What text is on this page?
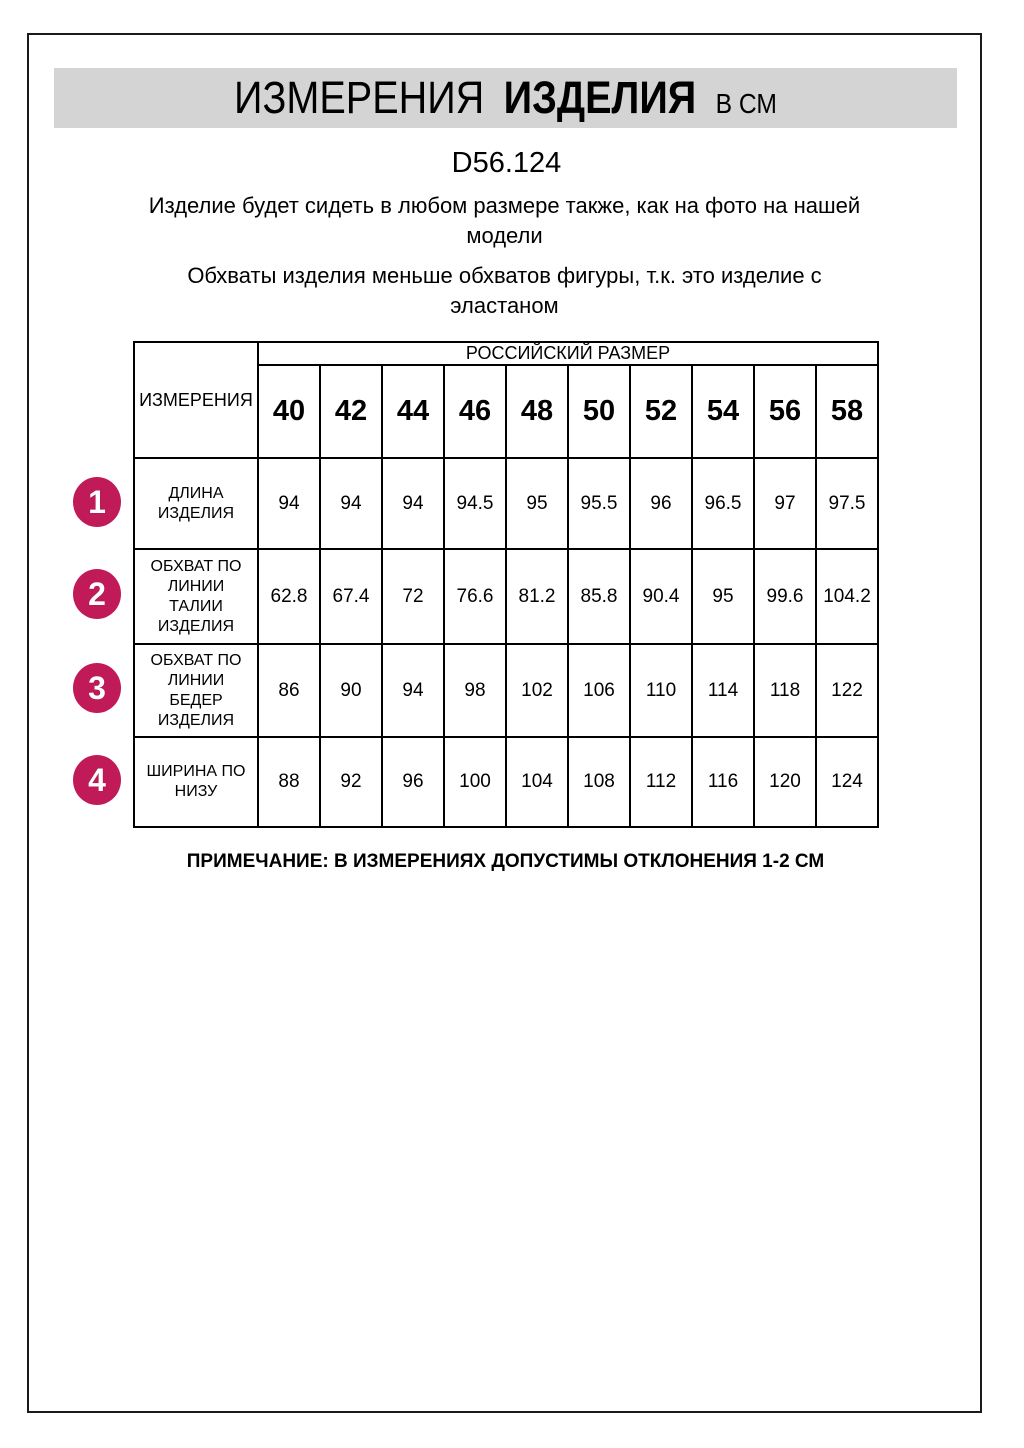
ИЗМЕРЕНИЯ ИЗДЕЛИЯ В СМ
D56.124
Изделие будет сидеть в любом размере также, как на фото на нашей
модели
Обхваты изделия меньше обхватов фигуры, т.к. это изделие с
эластаном
ИЗМЕРЕНИЯ	РОССИЙСКИЙ РАЗМЕР									
	40	42	44	46	48	50	52	54	56	58
ДЛИНА ИЗДЕЛИЯ	94	94	94	94.5	95	95.5	96	96.5	97	97.5
ОБХВАТ ПО ЛИНИИ ТАЛИИ ИЗДЕЛИЯ	62.8	67.4	72	76.6	81.2	85.8	90.4	95	99.6	104.2
ОБХВАТ ПО ЛИНИИ БЕДЕР ИЗДЕЛИЯ	86	90	94	98	102	106	110	114	118	122
ШИРИНА ПО НИЗУ	88	92	96	100	104	108	112	116	120	124
1
2
3
4
ПРИМЕЧАНИЕ: В ИЗМЕРЕНИЯХ ДОПУСТИМЫ ОТКЛОНЕНИЯ 1-2 СМ
